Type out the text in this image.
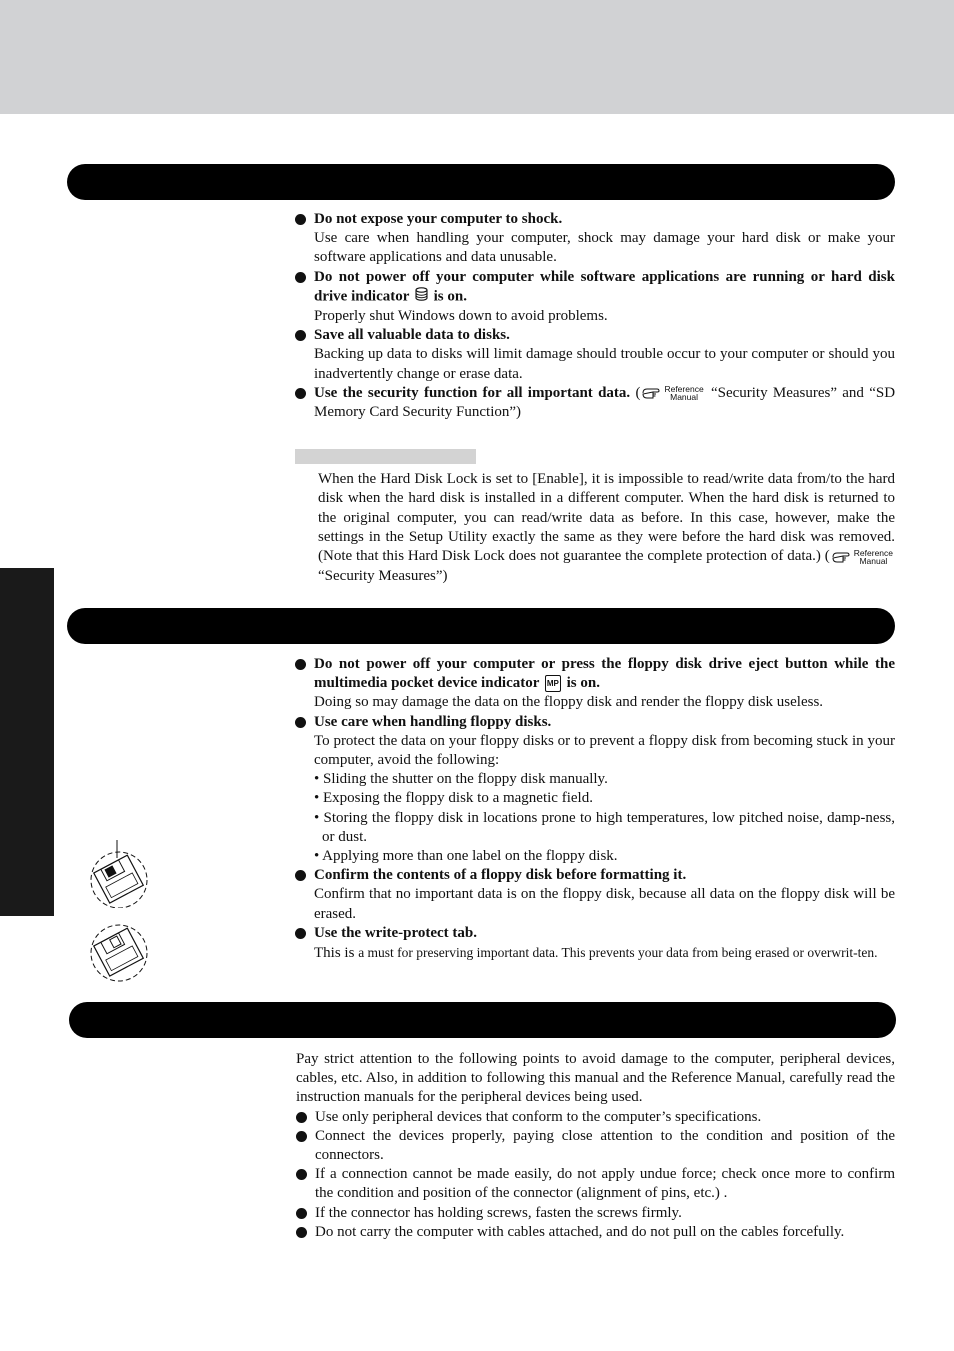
Do not expose your computer to shock.
Use care when handling your computer, shock may damage your hard disk or make your software applications and data unusable.
Do not power off your computer while software applications are running or hard disk drive indicator is on.
Properly shut Windows down to avoid problems.
Save all valuable data to disks.
Backing up data to disks will limit damage should trouble occur to your computer or should you inadvertently change or erase data.
Use the security function for all important data. (	Reference
Manual “Security Measures” and “SD Memory Card Security Function”)
When the Hard Disk Lock is set to [Enable], it is impossible to read/write data from/to the hard disk when the hard disk is installed in a different computer. When the hard disk is returned to the original computer, you can read/write data as before. In this case, however, make the settings in the Setup Utility exactly the same as they were before the hard disk was removed. (Note that this Hard Disk Lock does not guarantee the complete protection of data.) (	Reference
Manual “Security Measures”)
Do not power off your computer or press the floppy disk drive eject button while the multimedia pocket device indicator MP is on.
Doing so may damage the data on the floppy disk and render the floppy disk useless.
Use care when handling floppy disks.
To protect the data on your floppy disks or to prevent a floppy disk from becoming stuck in your computer, avoid the following:
• Sliding the shutter on the floppy disk manually.
• Exposing the floppy disk to a magnetic field.
• Storing the floppy disk in locations prone to high temperatures, low pitched noise, damp-ness, or dust.
• Applying more than one label on the floppy disk.
Confirm the contents of a floppy disk before formatting it.
Confirm that no important data is on the floppy disk, because all data on the floppy disk will be erased.
Use the write-protect tab.
This is a must for preserving important data. This prevents your data from being erased or overwrit-ten.
Pay strict attention to the following points to avoid damage to the computer, peripheral devices, cables, etc. Also, in addition to following this manual and the Reference Manual, carefully read the instruction manuals for the peripheral devices being used.
Use only peripheral devices that conform to the computer’s specifications.
Connect the devices properly, paying close attention to the condition and position of the connectors.
If a connection cannot be made easily, do not apply undue force; check once more to confirm the condition and position of the connector (alignment of pins, etc.) .
If the connector has holding screws, fasten the screws firmly.
Do not carry the computer with cables attached, and do not pull on the cables forcefully.
